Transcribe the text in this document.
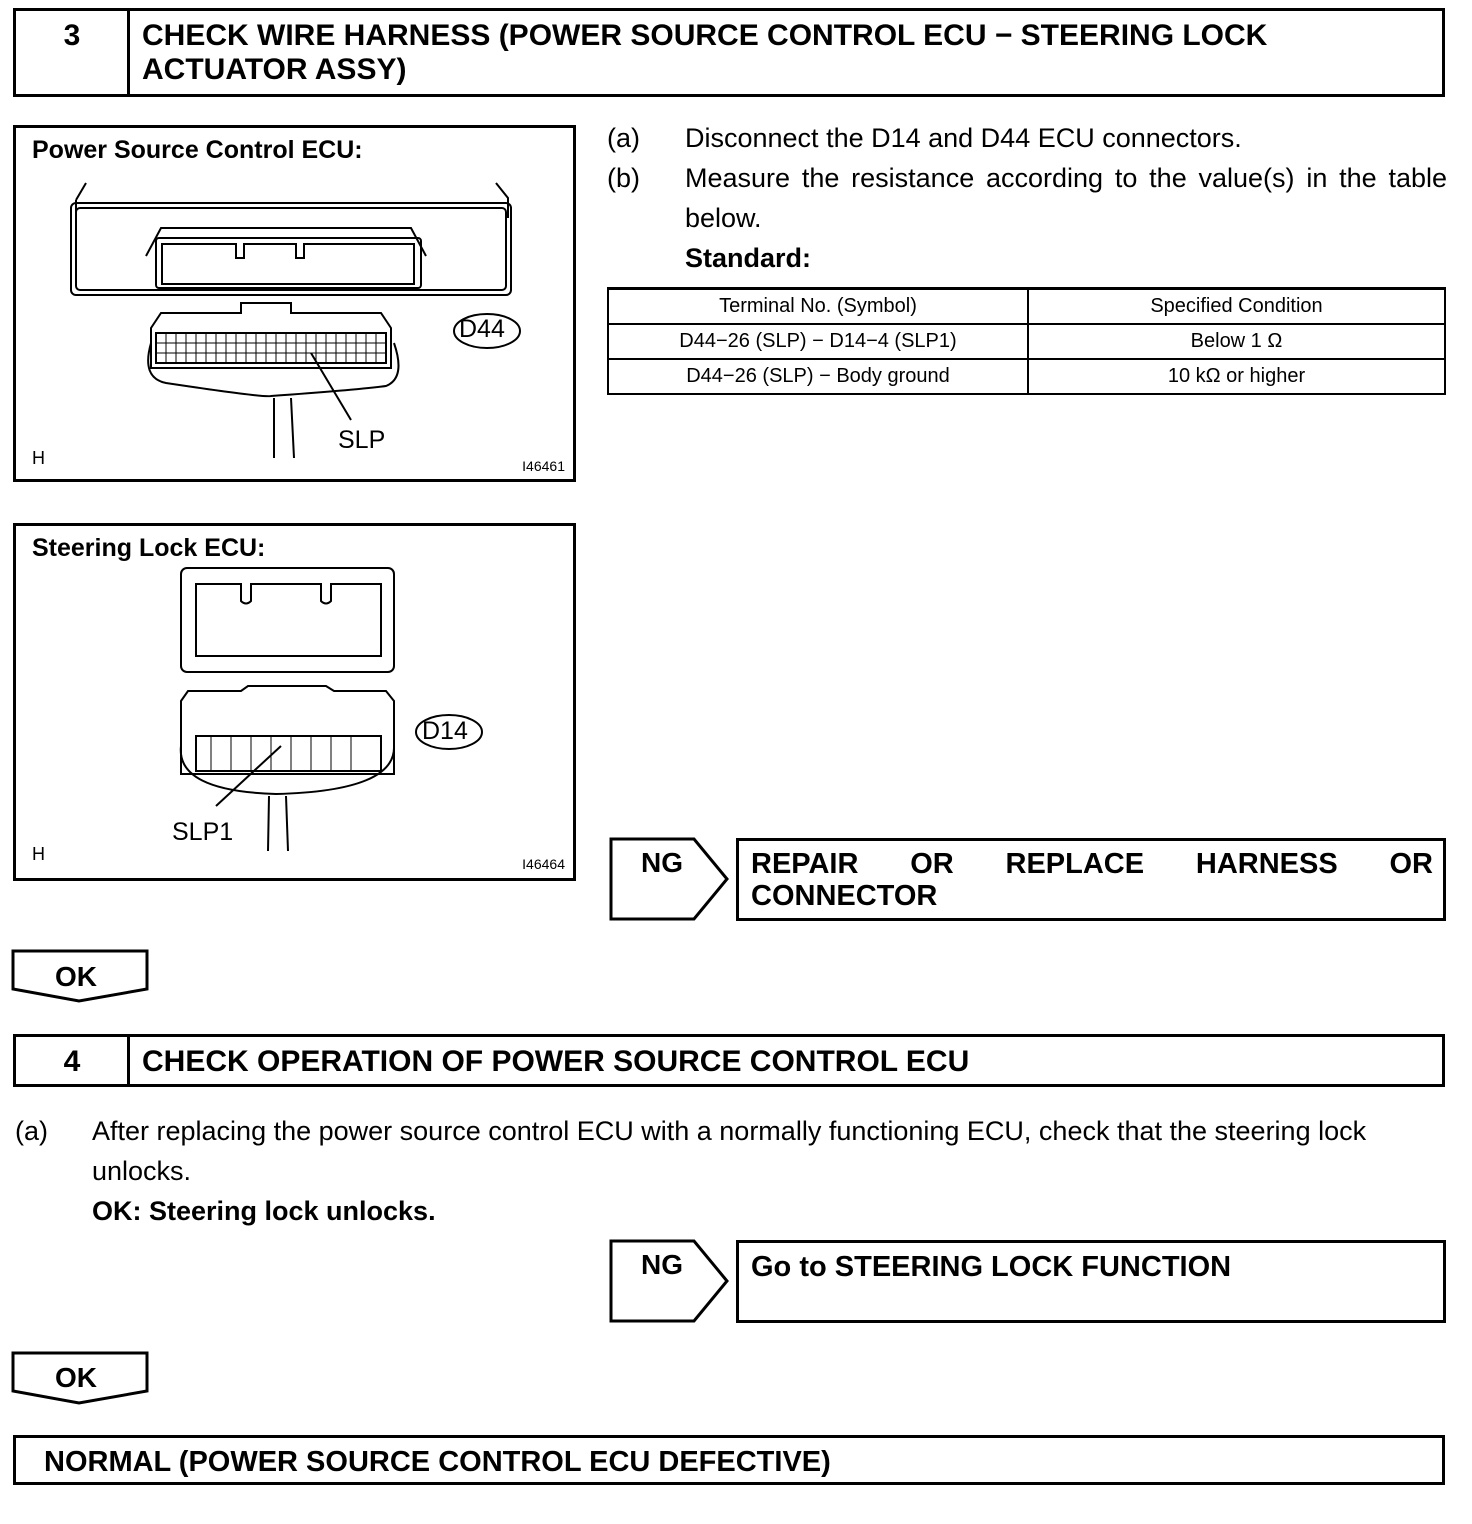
3	CHECK WIRE HARNESS (POWER SOURCE CONTROL ECU − STEERING LOCK ACTUATOR ASSY)
Power Source Control ECU:
D44
SLP
H	I46461
Steering Lock ECU:
D14
SLP1
H	I46464
(a) Disconnect the D14 and D44 ECU connectors.
(b) Measure the resistance according to the value(s) in the table below.
Standard:
Terminal No. (Symbol)	Specified Condition
D44−26 (SLP) − D14−4 (SLP1)	Below 1 Ω
D44−26 (SLP) − Body ground	10 kΩ or higher
NG REPAIR OR REPLACE HARNESS OR CONNECTOR
OK
4	CHECK OPERATION OF POWER SOURCE CONTROL ECU
(a) After replacing the power source control ECU with a normally functioning ECU, check that the steering lock unlocks.
OK: Steering lock unlocks.
NG Go to STEERING LOCK FUNCTION
OK
NORMAL (POWER SOURCE CONTROL ECU DEFECTIVE)
